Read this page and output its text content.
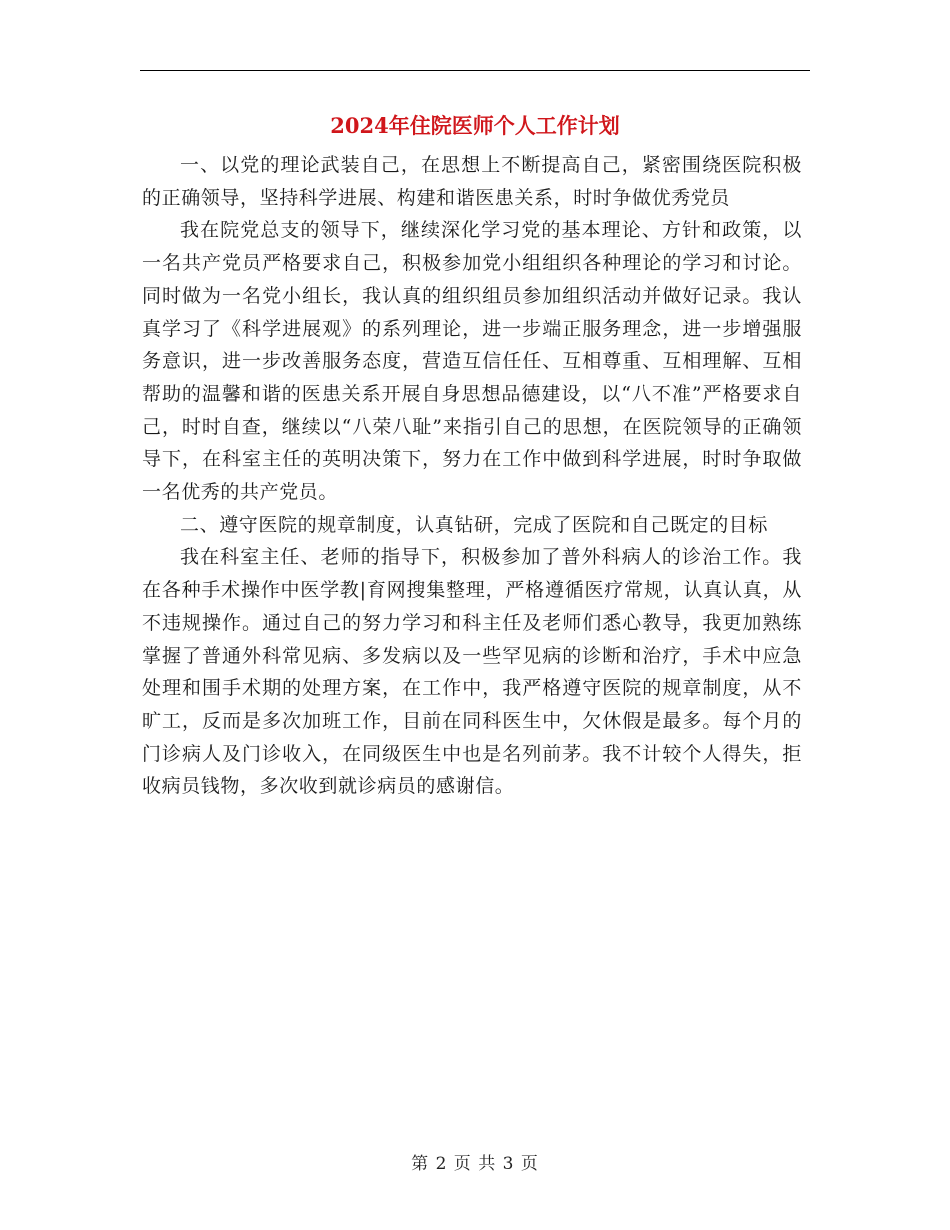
2024年住院医师个人工作计划

一、以党的理论武装自己，在思想上不断提高自己，紧密围绕医院积极的正确领导，坚持科学进展、构建和谐医患关系，时时争做优秀党员

我在院党总支的领导下，继续深化学习党的基本理论、方针和政策，以一名共产党员严格要求自己，积极参加党小组组织各种理论的学习和讨论。同时做为一名党小组长，我认真的组织组员参加组织活动并做好记录。我认真学习了《科学进展观》的系列理论，进一步端正服务理念，进一步增强服务意识，进一步改善服务态度，营造互信任任、互相尊重、互相理解、互相帮助的温馨和谐的医患关系开展自身思想品德建设，以“八不准”严格要求自己，时时自查，继续以“八荣八耻”来指引自己的思想，在医院领导的正确领导下，在科室主任的英明决策下，努力在工作中做到科学进展，时时争取做一名优秀的共产党员。

二、遵守医院的规章制度，认真钻研，完成了医院和自己既定的目标

我在科室主任、老师的指导下，积极参加了普外科病人的诊治工作。我在各种手术操作中医学教|育网搜集整理，严格遵循医疗常规，认真认真，从不违规操作。通过自己的努力学习和科主任及老师们悉心教导，我更加熟练掌握了普通外科常见病、多发病以及一些罕见病的诊断和治疗，手术中应急处理和围手术期的处理方案，在工作中，我严格遵守医院的规章制度，从不旷工，反而是多次加班工作，目前在同科医生中，欠休假是最多。每个月的门诊病人及门诊收入，在同级医生中也是名列前茅。我不计较个人得失，拒收病员钱物，多次收到就诊病员的感谢信。

第 2 页 共 3 页
